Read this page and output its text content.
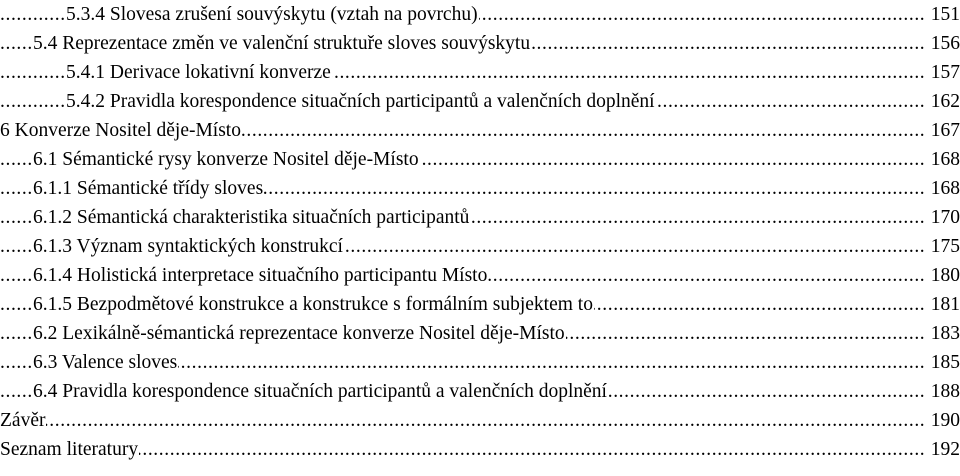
.....
5.3.4 Slovesa zrušení souvýskytu (vztah na povrchu)	151
.....
5.4 Reprezentace změn ve valenční struktuře sloves souvýskytu	156
.....
5.4.1 Derivace lokativní konverze	157
.....
5.4.2 Pravidla korespondence situačních participantů a valenčních doplnění	162
.....
6 Konverze Nositel děje-Místo	167
.....
6.1 Sémantické rysy konverze Nositel děje-Místo	168
.....
6.1.1 Sémantické třídy sloves	168
.....
6.1.2 Sémantická charakteristika situačních participantů	170
.....
6.1.3 Význam syntaktických konstrukcí	175
.....
6.1.4 Holistická interpretace situačního participantu Místo	180
.....
6.1.5 Bezpodmětové konstrukce a konstrukce s formálním subjektem to	181
.....
6.2 Lexikálně-sémantická reprezentace konverze Nositel děje-Místo	183
.....
6.3 Valence sloves	185
.....
6.4 Pravidla korespondence situačních participantů a valenčních doplnění	188
.....
Závěr	190
.....
Seznam literatury	192
